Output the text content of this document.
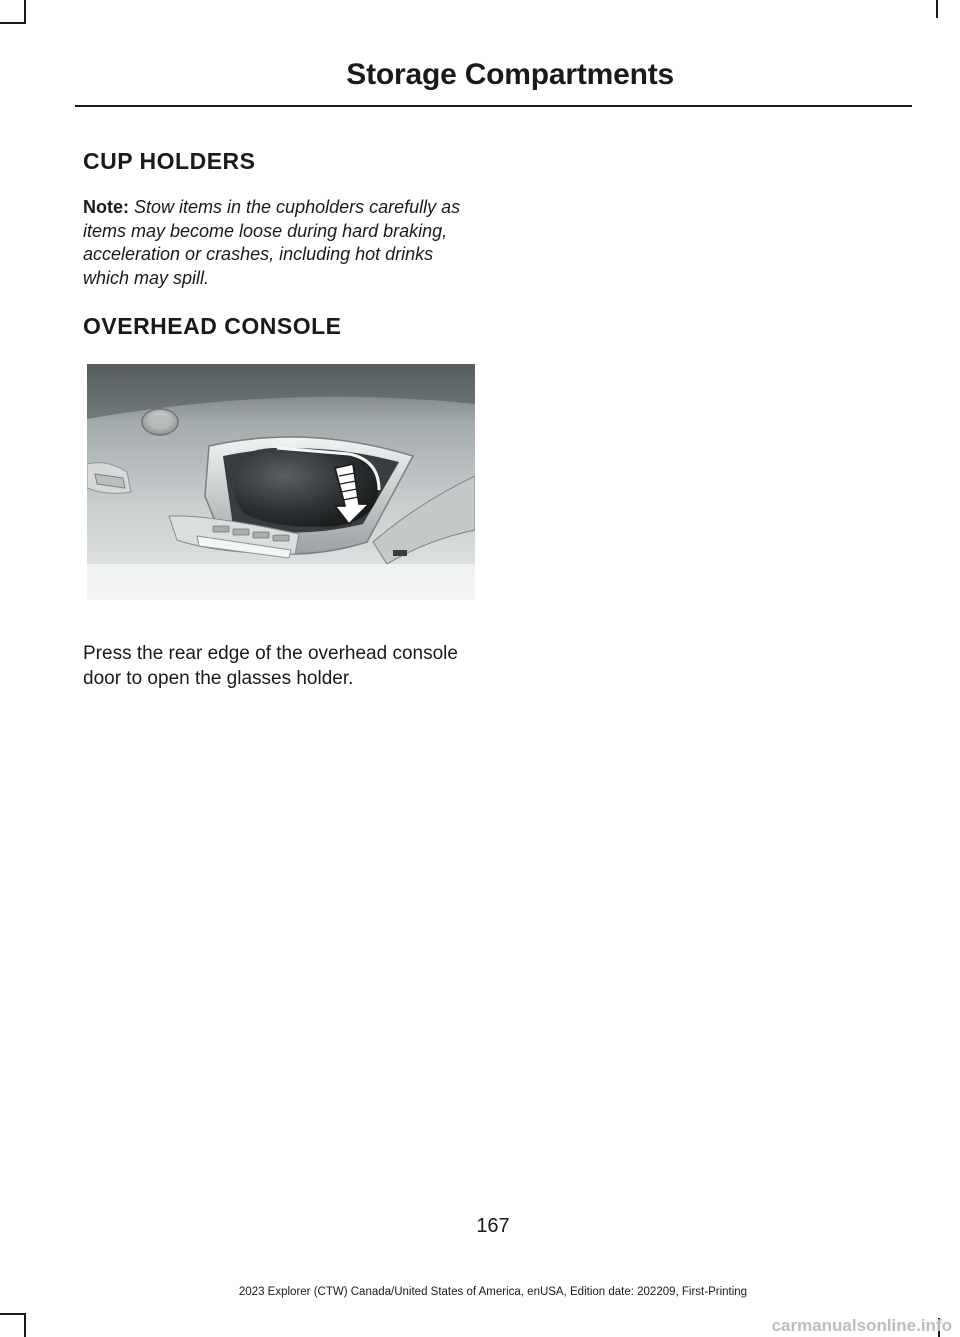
Storage Compartments
CUP HOLDERS

Note: Stow items in the cupholders carefully as items may become loose during hard braking, acceleration or crashes, including hot drinks which may spill.

OVERHEAD CONSOLE

Press the rear edge of the overhead console door to open the glasses holder.

167
2023 Explorer (CTW) Canada/United States of America, enUSA, Edition date: 202209, First-Printing
carmanualsonline.info
